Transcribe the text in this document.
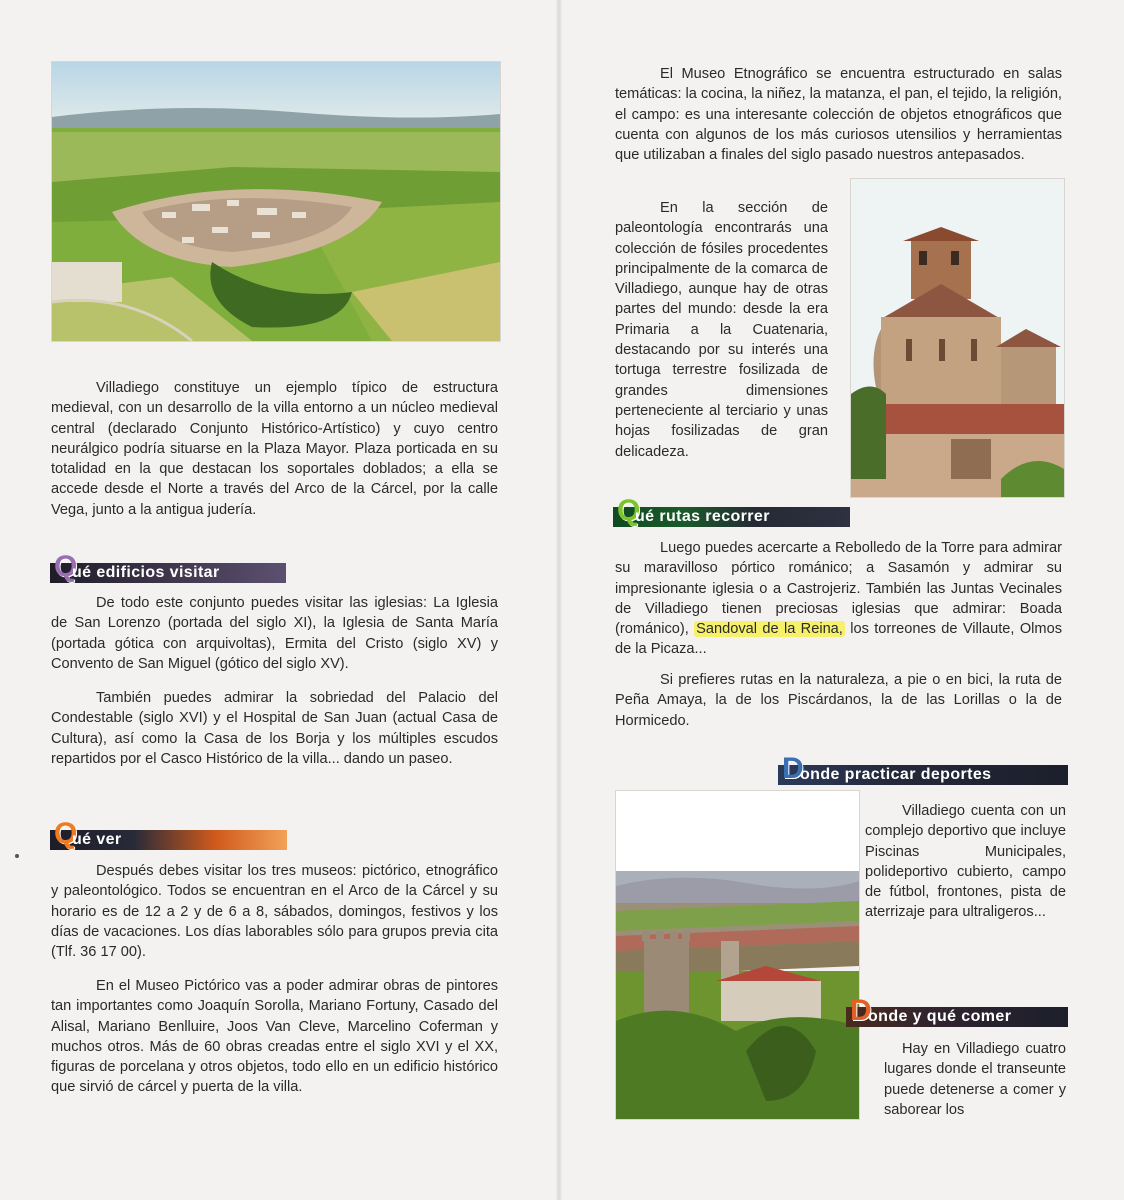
Villadiego constituye un ejemplo típico de estructura medieval, con un desarrollo de la villa entorno a un núcleo medieval central (declarado Conjunto Histórico-Artístico) y cuyo centro neurálgico podría situarse en la Plaza Mayor. Plaza porticada en su totalidad en la que destacan los soportales doblados; a ella se accede desde el Norte a través del Arco de la Cárcel, por la calle Vega, junto a la antigua judería.

Q
ué edificios visitar

De todo este conjunto puedes visitar las iglesias: La Iglesia de San Lorenzo (portada del siglo XI), la Iglesia de Santa María (portada gótica con arquivoltas), Ermita del Cristo (siglo XV) y Convento de San Miguel (gótico del siglo XV).

También puedes admirar la sobriedad del Palacio del Condestable (siglo XVI) y el Hospital de San Juan (actual Casa de Cultura), así como la Casa de los Borja y los múltiples escudos repartidos por el Casco Histórico de la villa... dando un paseo.

Q
ué ver

Después debes visitar los tres museos: pictórico, etnográfico y paleontológico. Todos se encuentran en el Arco de la Cárcel y su horario es de 12 a 2 y de 6 a 8, sábados, domingos, festivos y los días de vacaciones. Los días laborables sólo para grupos previa cita (Tlf. 36 17 00).

En el Museo Pictórico vas a poder admirar obras de pintores tan importantes como Joaquín Sorolla, Mariano Fortuny, Casado del Alisal, Mariano Benlluire, Joos Van Cleve, Marcelino Coferman y muchos otros. Más de 60 obras creadas entre el siglo XVI y el XX, figuras de porcelana y otros objetos, todo ello en un edificio histórico que sirvió de cárcel y puerta de la villa.

El Museo Etnográfico se encuentra estructurado en salas temáticas: la cocina, la niñez, la matanza, el pan, el tejido, la religión, el campo: es una interesante colección de objetos etnográficos que cuenta con algunos de los más curiosos utensilios y herramientas que utilizaban a finales del siglo pasado nuestros antepasados.

En la sección de paleontología encontrarás una colección de fósiles procedentes principalmente de la comarca de Villadiego, aunque hay de otras partes del mundo: desde la era Primaria a la Cuatenaria, destacando por su interés una tortuga terrestre fosilizada de grandes dimensiones perteneciente al terciario y unas hojas fosilizadas de gran delicadeza.

Q
ué rutas recorrer

Luego puedes acercarte a Rebolledo de la Torre para admirar su maravilloso pórtico románico; a Sasamón y admirar su impresionante iglesia o a Castrojeriz. También las Juntas Vecinales de Villadiego tienen preciosas iglesias que admirar: Boada (románico), Sandoval de la Reina, los torreones de Villaute, Olmos de la Picaza...

Si prefieres rutas en la naturaleza, a pie o en bici, la ruta de Peña Amaya, la de los Piscárdanos, la de las Lorillas o la de Hormicedo.

D
onde practicar deportes

Villadiego cuenta con un complejo deportivo que incluye Piscinas Municipales, polideportivo cubierto, campo de fútbol, frontones, pista de aterrizaje para ultraligeros...

D
onde y qué comer

Hay en Villadiego cuatro lugares donde el transeunte puede detenerse a comer y saborear los
